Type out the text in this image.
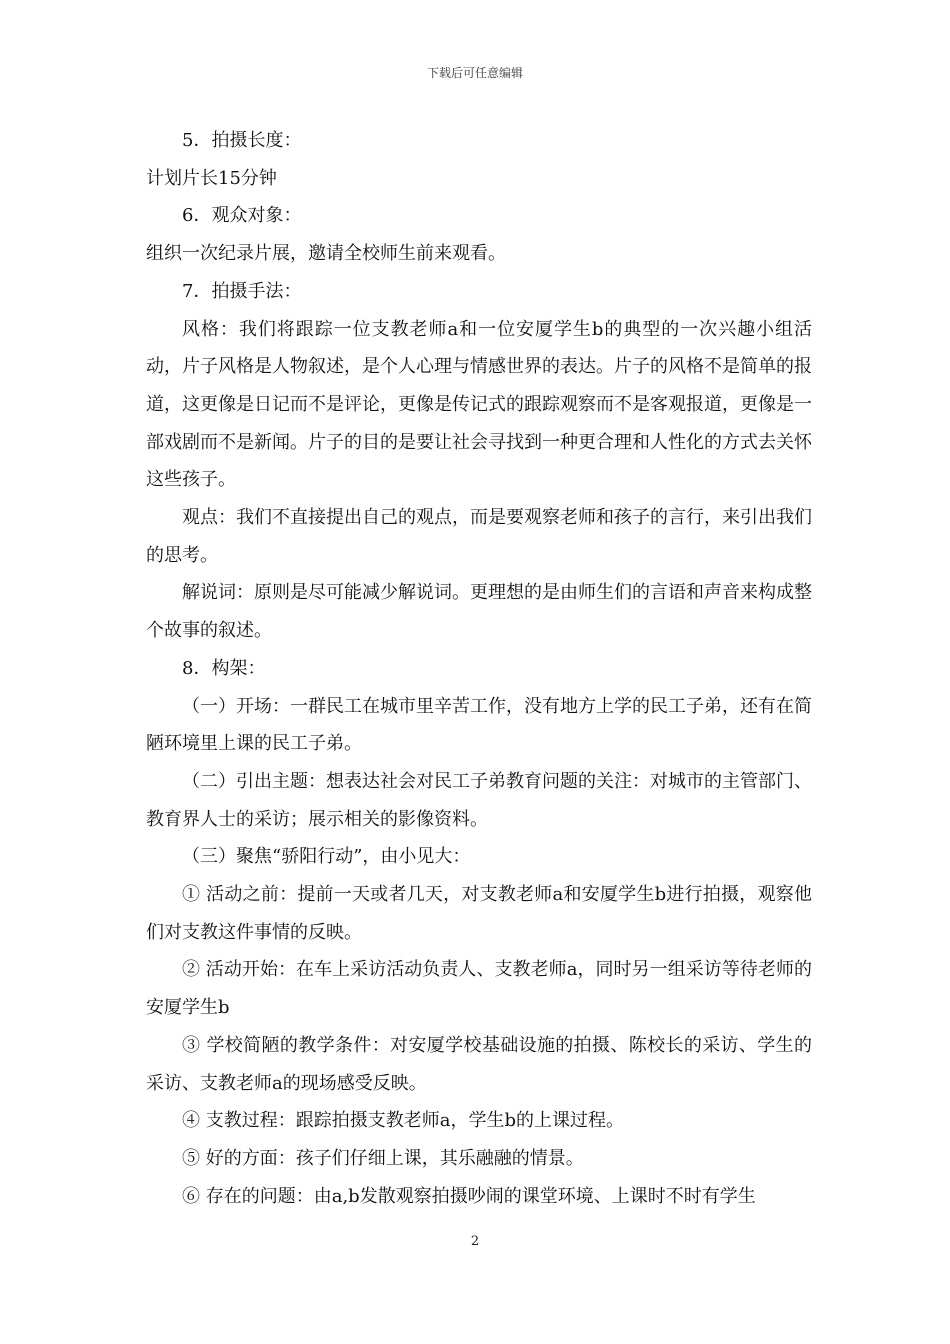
下载后可任意编辑

5．拍摄长度：

计划片长15分钟

6．观众对象：

组织一次纪录片展，邀请全校师生前来观看。

7．拍摄手法：

风格：我们将跟踪一位支教老师a和一位安厦学生b的典型的一次兴趣小组活动，片子风格是人物叙述，是个人心理与情感世界的表达。片子的风格不是简单的报道，这更像是日记而不是评论，更像是传记式的跟踪观察而不是客观报道，更像是一部戏剧而不是新闻。片子的目的是要让社会寻找到一种更合理和人性化的方式去关怀这些孩子。

观点：我们不直接提出自己的观点，而是要观察老师和孩子的言行，来引出我们的思考。

解说词：原则是尽可能减少解说词。更理想的是由师生们的言语和声音来构成整个故事的叙述。

8．构架：

（一）开场：一群民工在城市里辛苦工作，没有地方上学的民工子弟，还有在简陋环境里上课的民工子弟。

（二）引出主题：想表达社会对民工子弟教育问题的关注：对城市的主管部门、教育界人士的采访；展示相关的影像资料。

（三）聚焦“骄阳行动”，由小见大：

① 活动之前：提前一天或者几天，对支教老师a和安厦学生b进行拍摄，观察他们对支教这件事情的反映。

② 活动开始：在车上采访活动负责人、支教老师a，同时另一组采访等待老师的安厦学生b

③ 学校简陋的教学条件：对安厦学校基础设施的拍摄、陈校长的采访、学生的采访、支教老师a的现场感受反映。

④ 支教过程：跟踪拍摄支教老师a，学生b的上课过程。

⑤ 好的方面：孩子们仔细上课，其乐融融的情景。

⑥ 存在的问题：由a,b发散观察拍摄吵闹的课堂环境、上课时不时有学生

2
